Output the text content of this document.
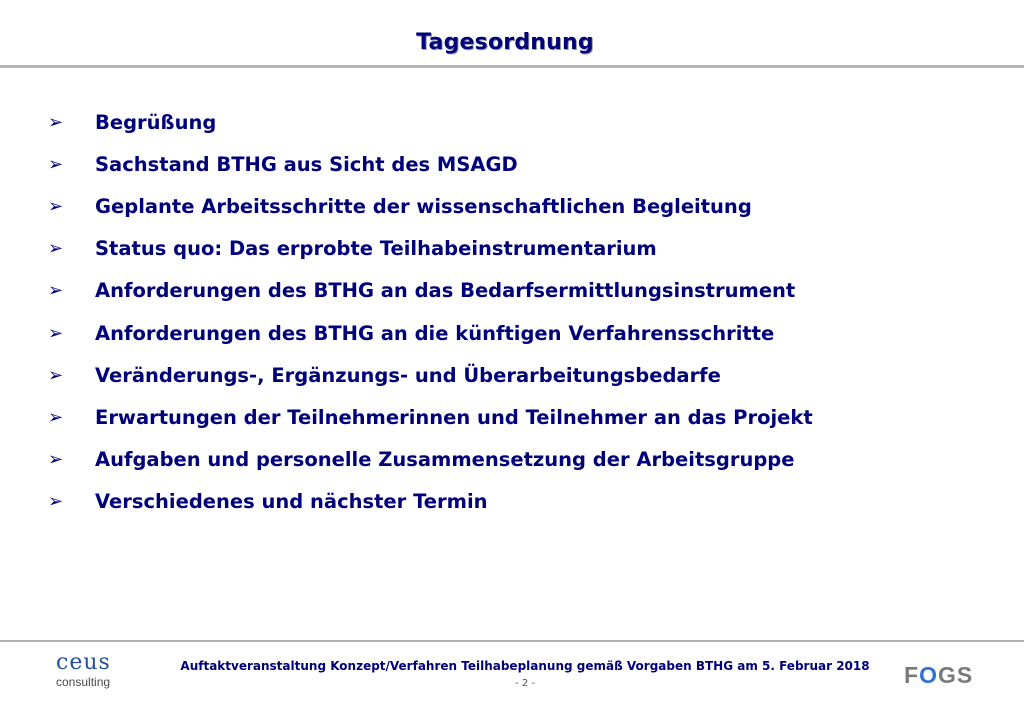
Tagesordnung
➢	Begrüßung
➢	Sachstand BTHG aus Sicht des MSAGD
➢	Geplante Arbeitsschritte der wissenschaftlichen Begleitung
➢	Status quo: Das erprobte Teilhabeinstrumentarium
➢	Anforderungen des BTHG an das Bedarfsermittlungsinstrument
➢	Anforderungen des BTHG an die künftigen Verfahrensschritte
➢	Veränderungs-, Ergänzungs- und Überarbeitungsbedarfe
➢	Erwartungen der Teilnehmerinnen und Teilnehmer an das Projekt
➢	Aufgaben und personelle Zusammensetzung der Arbeitsgruppe
➢	Verschiedenes und nächster Termin
ceus
consulting
Auftaktveranstaltung Konzept/Verfahren Teilhabeplanung gemäß Vorgaben BTHG am 5. Februar 2018
- 2 -	FOGS
